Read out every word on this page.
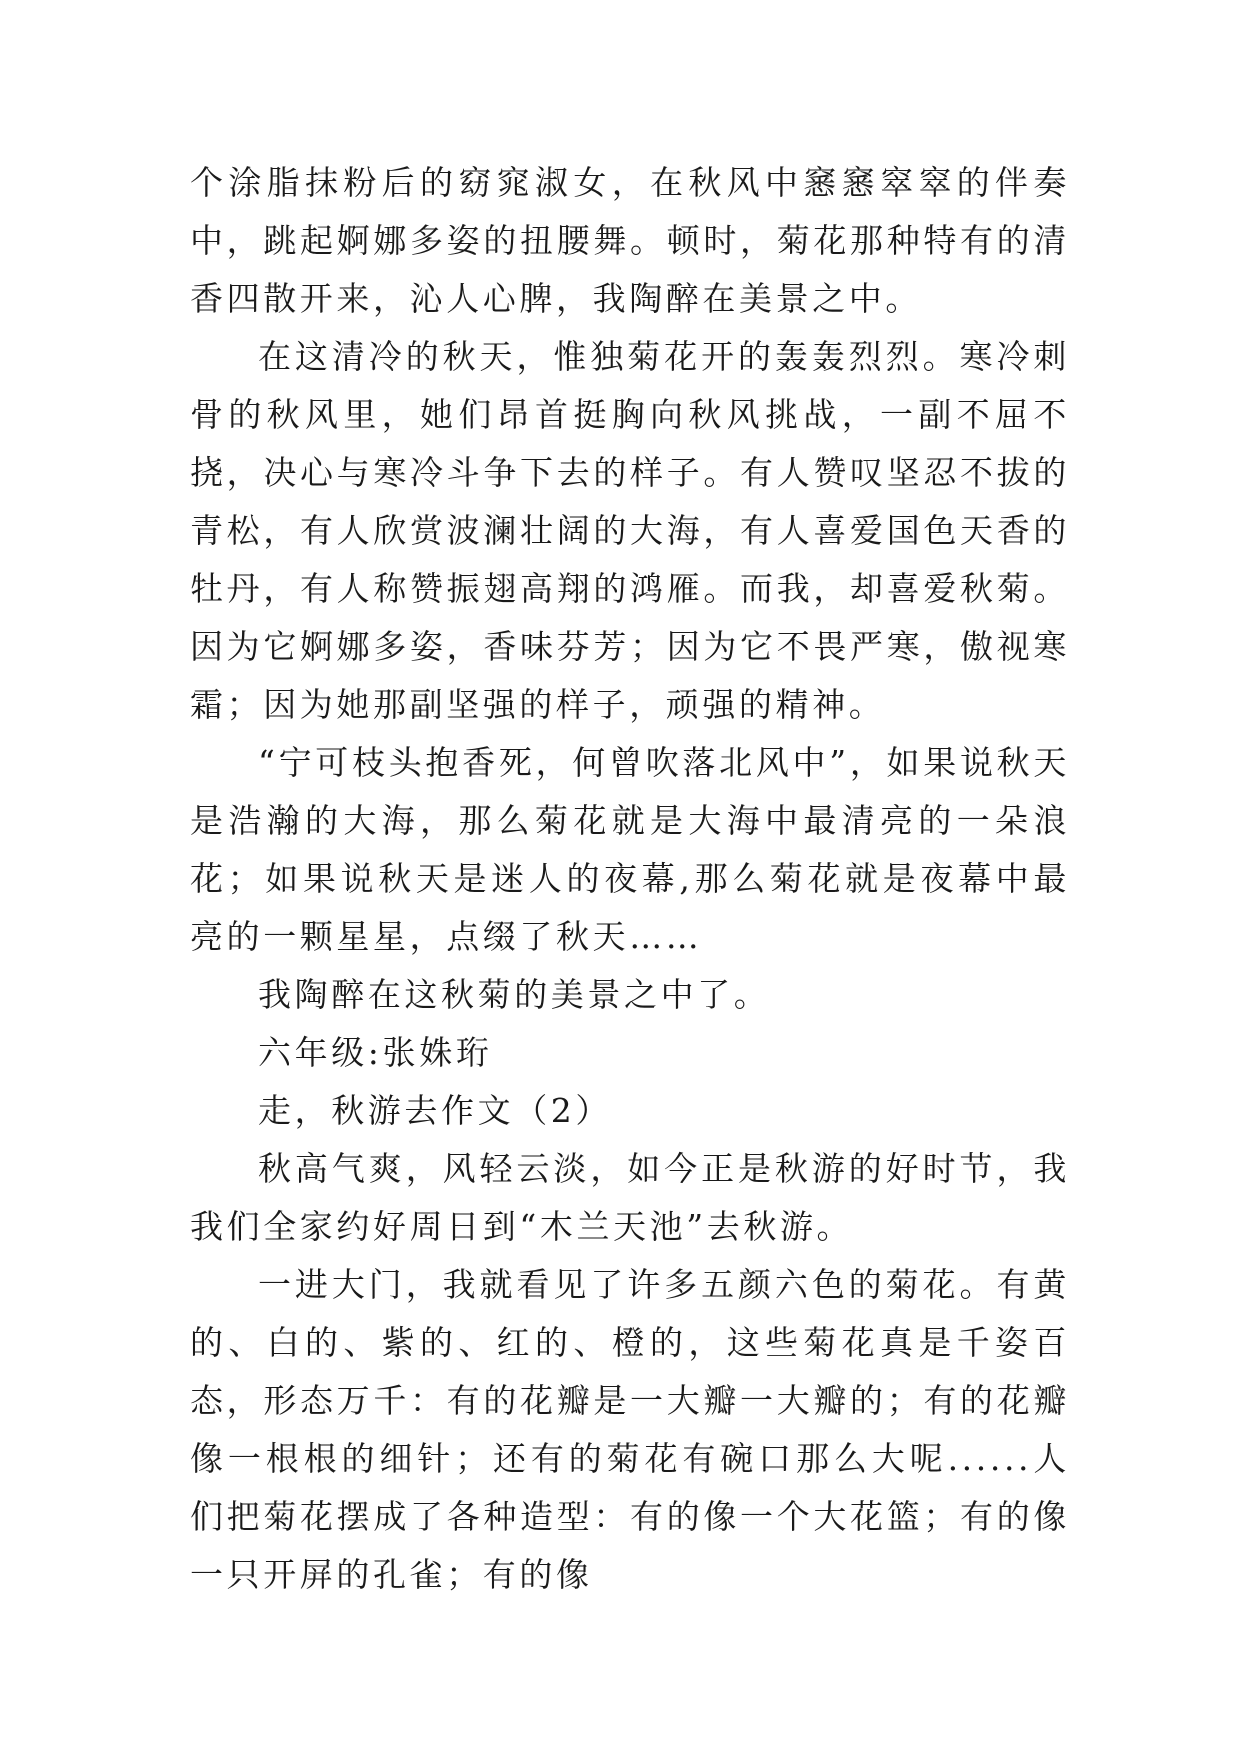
个涂脂抹粉后的窈窕淑女，在秋风中窸窸窣窣的伴奏中，跳起婀娜多姿的扭腰舞。顿时，菊花那种特有的清香四散开来，沁人心脾，我陶醉在美景之中。

在这清冷的秋天，惟独菊花开的轰轰烈烈。寒冷刺骨的秋风里，她们昂首挺胸向秋风挑战，一副不屈不挠，决心与寒冷斗争下去的样子。有人赞叹坚忍不拔的青松，有人欣赏波澜壮阔的大海，有人喜爱国色天香的牡丹，有人称赞振翅高翔的鸿雁。而我，却喜爱秋菊。因为它婀娜多姿，香味芬芳；因为它不畏严寒，傲视寒霜；因为她那副坚强的样子，顽强的精神。

“宁可枝头抱香死，何曾吹落北风中”，如果说秋天是浩瀚的大海，那么菊花就是大海中最清亮的一朵浪花；如果说秋天是迷人的夜幕,那么菊花就是夜幕中最亮的一颗星星，点缀了秋天……

我陶醉在这秋菊的美景之中了。

六年级:张姝珩

走，秋游去作文（2）

秋高气爽，风轻云淡，如今正是秋游的好时节，我我们全家约好周日到“木兰天池”去秋游。

一进大门，我就看见了许多五颜六色的菊花。有黄的、白的、紫的、红的、橙的，这些菊花真是千姿百态，形态万千：有的花瓣是一大瓣一大瓣的；有的花瓣像一根根的细针；还有的菊花有碗口那么大呢......人们把菊花摆成了各种造型：有的像一个大花篮；有的像一只开屏的孔雀；有的像
